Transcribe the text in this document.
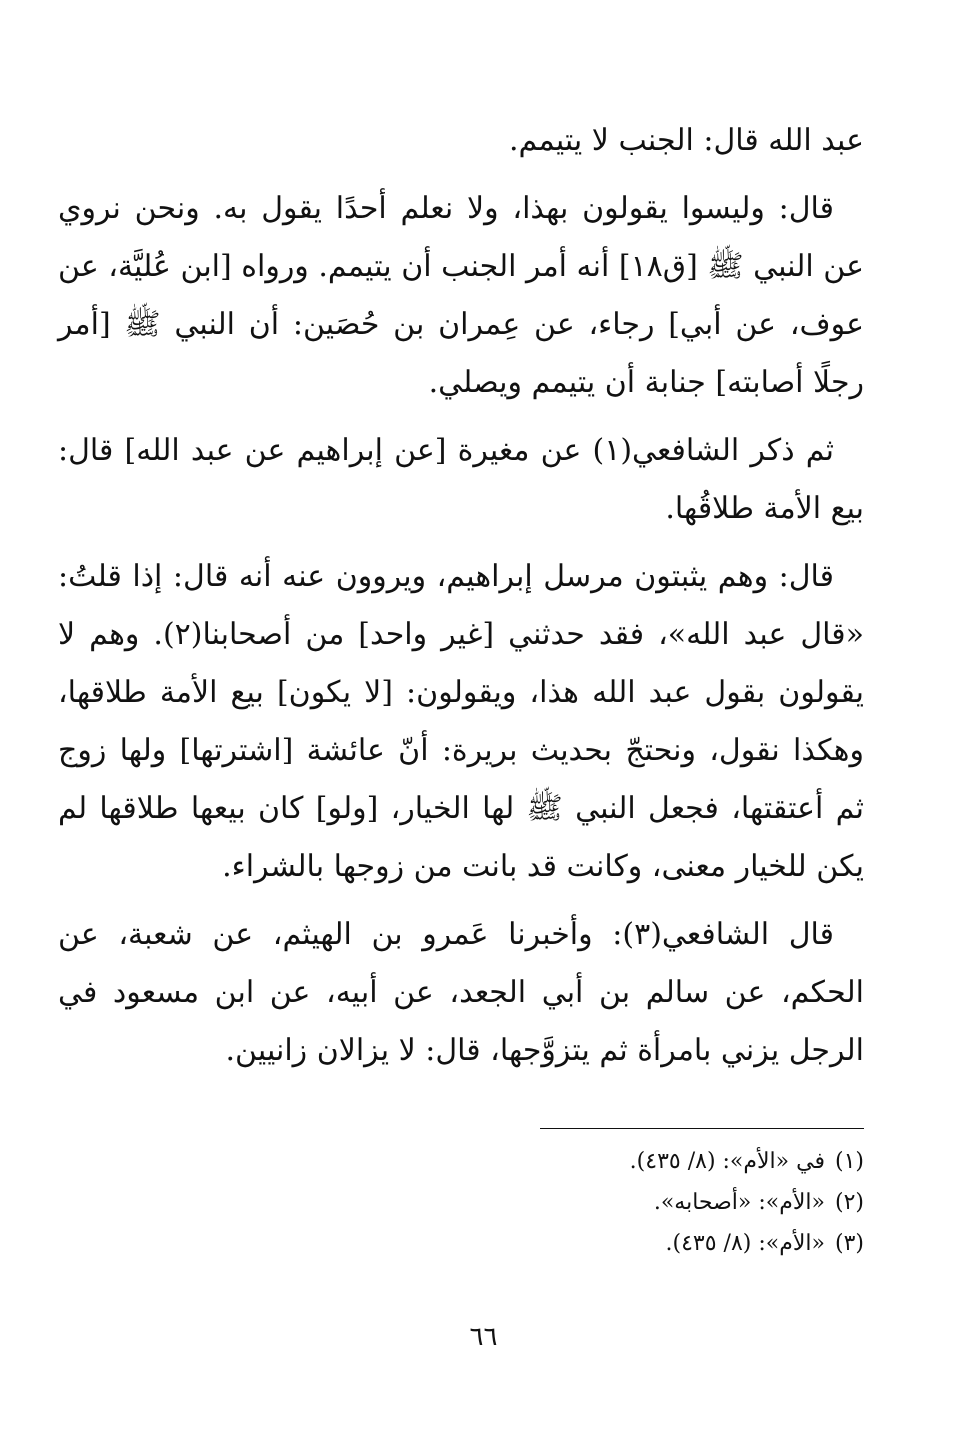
عبد الله قال: الجنب لا يتيمم.

قال: وليسوا يقولون بهذا، ولا نعلم أحدًا يقول به. ونحن نروي عن النبي ﷺ [ق١٨] أنه أمر الجنب أن يتيمم. ورواه [ابن عُليَّة، عن عوف، عن أبي] رجاء، عن عِمران بن حُصَين: أن النبي ﷺ [أمر رجلًا أصابته] جنابة أن يتيمم ويصلي.

ثم ذكر الشافعي(١) عن مغيرة [عن إبراهيم عن عبد الله] قال: بيع الأمة طلاقُها.

قال: وهم يثبتون مرسل إبراهيم، ويروون عنه أنه قال: إذا قلتُ: «قال عبد الله»، فقد حدثني [غير واحد] من أصحابنا(٢). وهم لا يقولون بقول عبد الله هذا، ويقولون: [لا يكون] بيع الأمة طلاقها، وهكذا نقول، ونحتجّ بحديث بريرة: أنّ عائشة [اشترتها] ولها زوج ثم أعتقتها، فجعل النبي ﷺ لها الخيار، [ولو] كان بيعها طلاقها لم يكن للخيار معنى، وكانت قد بانت من زوجها بالشراء.

قال الشافعي(٣): وأخبرنا عَمرو بن الهيثم، عن شعبة، عن الحكم، عن سالم بن أبي الجعد، عن أبيه، عن ابن مسعود في الرجل يزني بامرأة ثم يتزوَّجها، قال: لا يزالان زانيين.

(١)في «الأم»: (٨/ ٤٣٥).
(٢)«الأم»: «أصحابه».
(٣)«الأم»: (٨/ ٤٣٥).
٦٦
